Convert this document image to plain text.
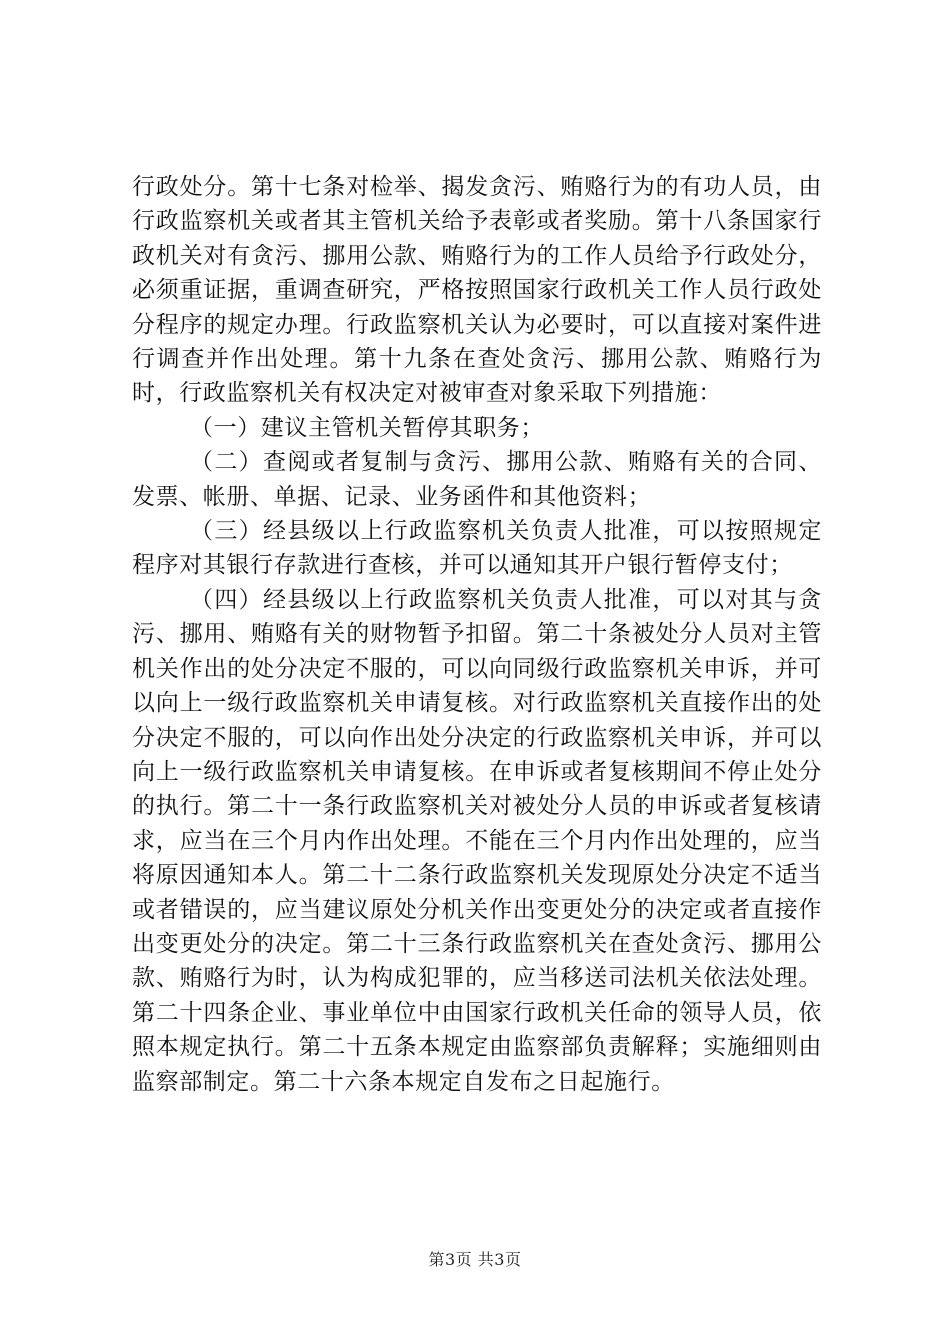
行政处分。第十七条对检举、揭发贪污、贿赂行为的有功人员，由行政监察机关或者其主管机关给予表彰或者奖励。第十八条国家行政机关对有贪污、挪用公款、贿赂行为的工作人员给予行政处分，必须重证据，重调查研究，严格按照国家行政机关工作人员行政处分程序的规定办理。行政监察机关认为必要时，可以直接对案件进行调查并作出处理。第十九条在查处贪污、挪用公款、贿赂行为时，行政监察机关有权决定对被审查对象采取下列措施：

（一）建议主管机关暂停其职务；

（二）查阅或者复制与贪污、挪用公款、贿赂有关的合同、发票、帐册、单据、记录、业务函件和其他资料；

（三）经县级以上行政监察机关负责人批准，可以按照规定程序对其银行存款进行查核，并可以通知其开户银行暂停支付；

（四）经县级以上行政监察机关负责人批准，可以对其与贪污、挪用、贿赂有关的财物暂予扣留。第二十条被处分人员对主管机关作出的处分决定不服的，可以向同级行政监察机关申诉，并可以向上一级行政监察机关申请复核。对行政监察机关直接作出的处分决定不服的，可以向作出处分决定的行政监察机关申诉，并可以向上一级行政监察机关申请复核。在申诉或者复核期间不停止处分的执行。第二十一条行政监察机关对被处分人员的申诉或者复核请求，应当在三个月内作出处理。不能在三个月内作出处理的，应当将原因通知本人。第二十二条行政监察机关发现原处分决定不适当或者错误的，应当建议原处分机关作出变更处分的决定或者直接作出变更处分的决定。第二十三条行政监察机关在查处贪污、挪用公款、贿赂行为时，认为构成犯罪的，应当移送司法机关依法处理。第二十四条企业、事业单位中由国家行政机关任命的领导人员，依照本规定执行。第二十五条本规定由监察部负责解释；实施细则由监察部制定。第二十六条本规定自发布之日起施行。

第3页 共3页
